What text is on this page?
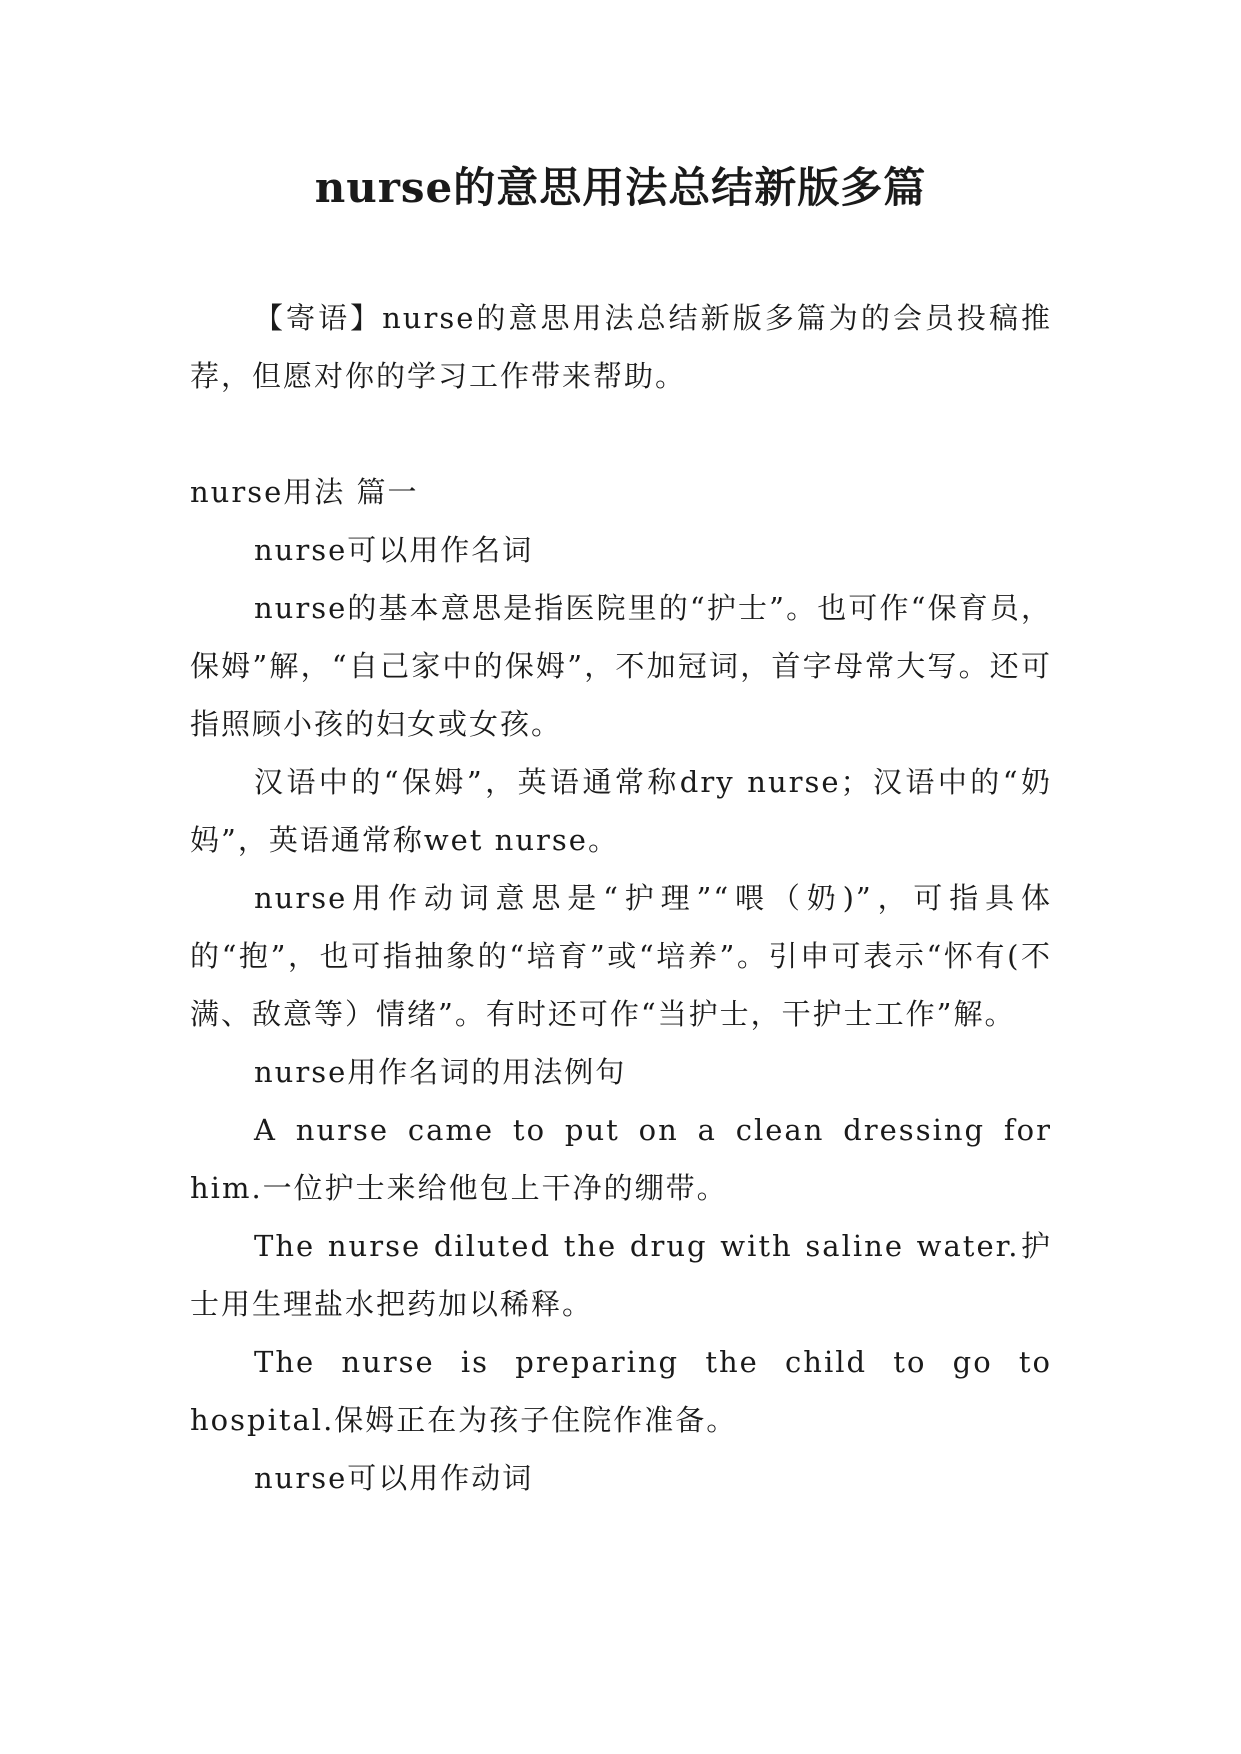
nurse的意思用法总结新版多篇

【寄语】nurse的意思用法总结新版多篇为的会员投稿推荐，但愿对你的学习工作带来帮助。

nurse用法 篇一

nurse可以用作名词

nurse的基本意思是指医院里的“护士”。也可作“保育员，保姆”解，“自己家中的保姆”，不加冠词，首字母常大写。还可指照顾小孩的妇女或女孩。

汉语中的“保姆”，英语通常称dry nurse；汉语中的“奶妈”，英语通常称wet nurse。

nurse用作动词意思是“护理”“喂（奶)”，可指具体的“抱”，也可指抽象的“培育”或“培养”。引申可表示“怀有(不满、敌意等）情绪”。有时还可作“当护士，干护士工作”解。

nurse用作名词的用法例句

A nurse came to put on a clean dressing for him.一位护士来给他包上干净的绷带。

The nurse diluted the drug with saline water.护士用生理盐水把药加以稀释。

The nurse is preparing the child to go to hospital.保姆正在为孩子住院作准备。

nurse可以用作动词
